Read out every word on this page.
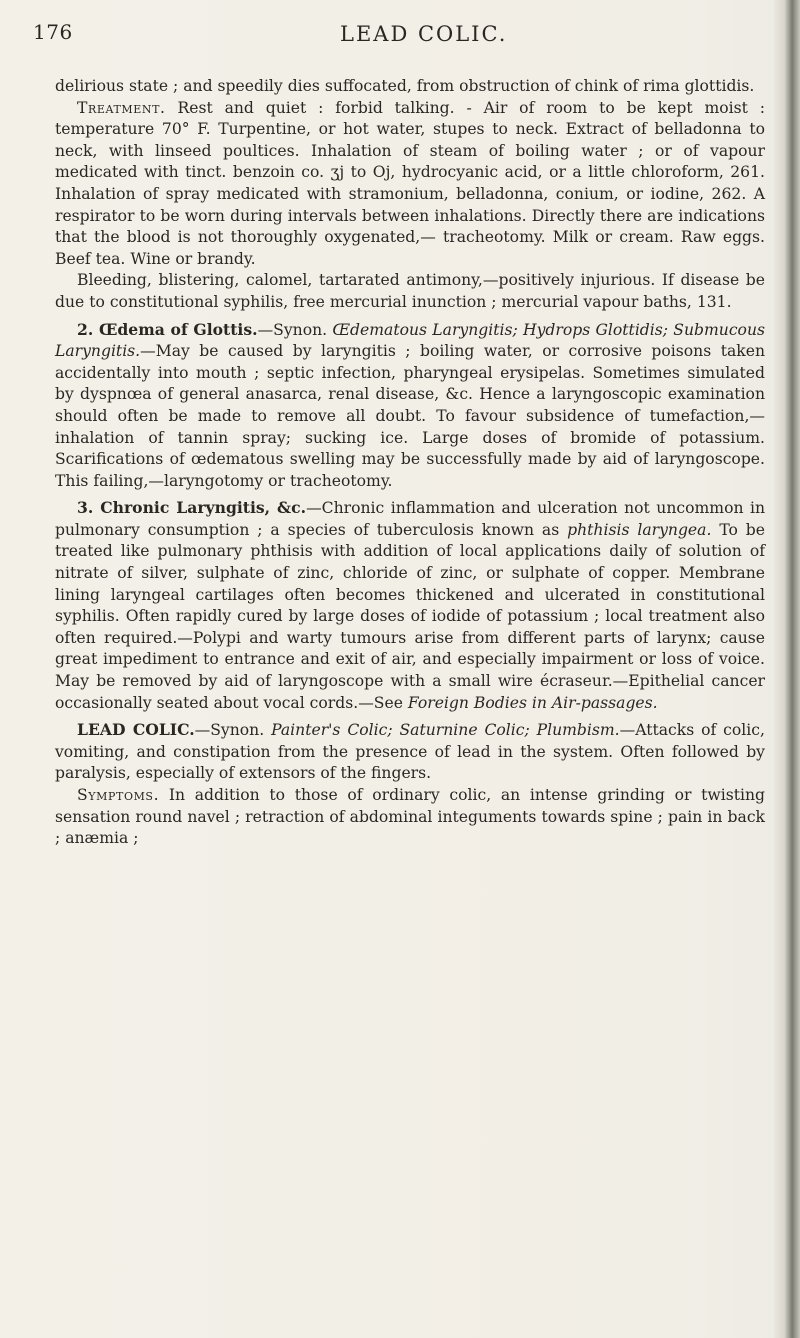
176	LEAD COLIC.

delirious state ; and speedily dies suffocated, from obstruction of chink of rima glottidis.

Treatment. Rest and quiet : forbid talking. - Air of room to be kept moist : temperature 70° F. Turpentine, or hot water, stupes to neck. Extract of belladonna to neck, with linseed poultices. Inhalation of steam of boiling water ; or of vapour medicated with tinct. benzoin co. ʒj to Oj, hydrocyanic acid, or a little chloroform, 261. Inhalation of spray medicated with stramonium, belladonna, conium, or iodine, 262. A respirator to be worn during intervals between inhalations. Directly there are indications that the blood is not thoroughly oxygenated,— tracheotomy. Milk or cream. Raw eggs. Beef tea. Wine or brandy.

Bleeding, blistering, calomel, tartarated antimony,—positively injurious. If disease be due to constitutional syphilis, free mercurial inunction ; mercurial vapour baths, 131.

2. Œdema of Glottis.—Synon. Œdematous Laryngitis; Hydrops Glottidis; Submucous Laryngitis.—May be caused by laryngitis ; boiling water, or corrosive poisons taken accidentally into mouth ; septic infection, pharyngeal erysipelas. Sometimes simulated by dyspnœa of general anasarca, renal disease, &c. Hence a laryngoscopic examination should often be made to remove all doubt. To favour subsidence of tumefaction,—inhalation of tannin spray; sucking ice. Large doses of bromide of potassium. Scarifications of œdematous swelling may be successfully made by aid of laryngoscope. This failing,—laryngotomy or tracheotomy.

3. Chronic Laryngitis, &c.—Chronic inflammation and ulceration not uncommon in pulmonary consumption ; a species of tuberculosis known as phthisis laryngea. To be treated like pulmonary phthisis with addition of local applications daily of solution of nitrate of silver, sulphate of zinc, chloride of zinc, or sulphate of copper. Membrane lining laryngeal cartilages often becomes thickened and ulcerated in constitutional syphilis. Often rapidly cured by large doses of iodide of potassium ; local treatment also often required.—Polypi and warty tumours arise from different parts of larynx; cause great impediment to entrance and exit of air, and especially impairment or loss of voice. May be removed by aid of laryngoscope with a small wire écraseur.—Epithelial cancer occasionally seated about vocal cords.—See Foreign Bodies in Air-passages.

LEAD COLIC.—Synon. Painter's Colic; Saturnine Colic; Plumbism.—Attacks of colic, vomiting, and constipation from the presence of lead in the system. Often followed by paralysis, especially of extensors of the fingers.

Symptoms. In addition to those of ordinary colic, an intense grinding or twisting sensation round navel ; retraction of abdominal integuments towards spine ; pain in back ; anæmia ;
